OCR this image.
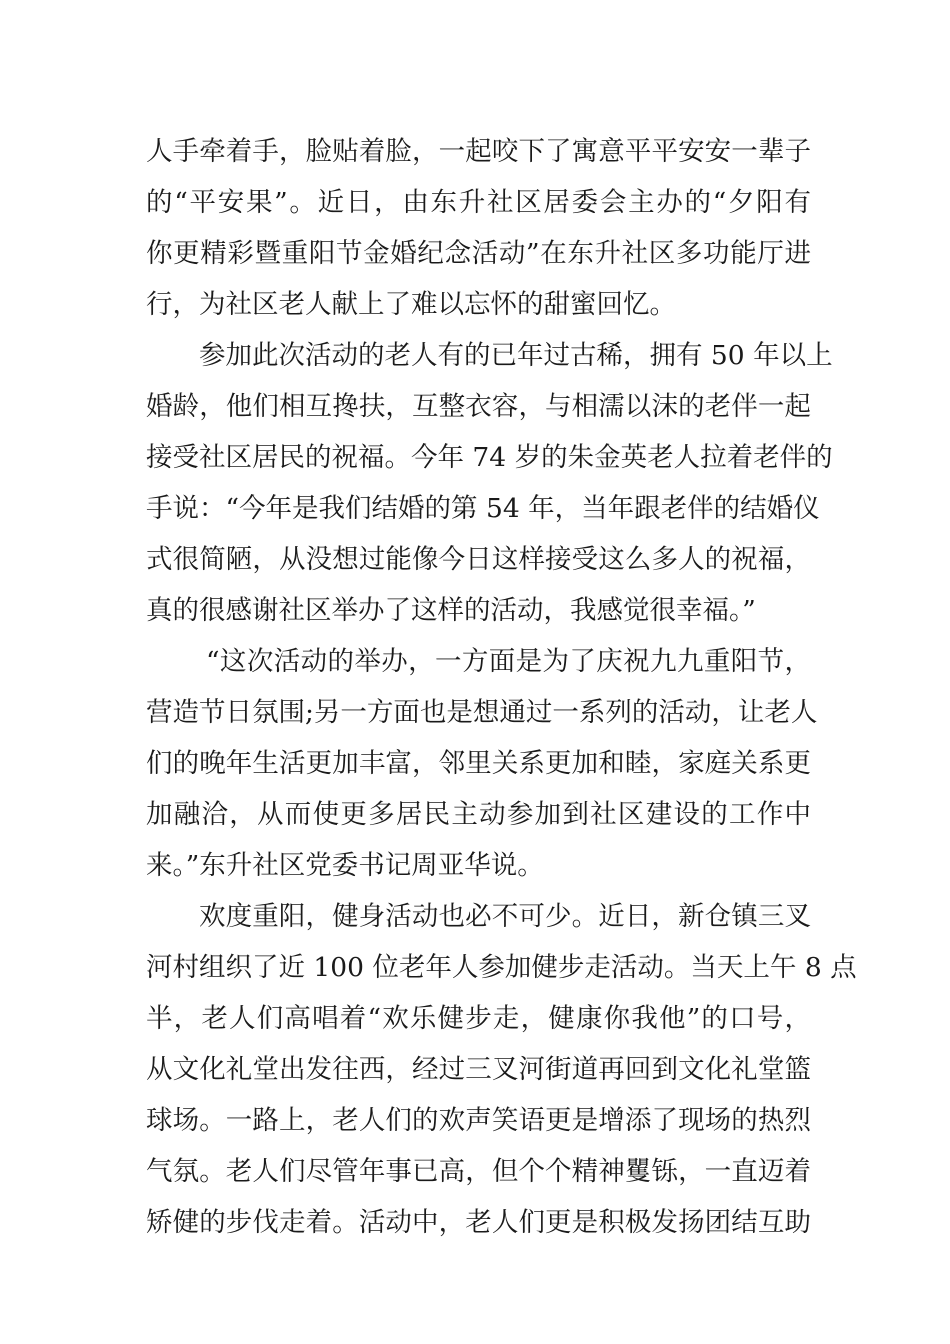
人手牵着手，脸贴着脸，一起咬下了寓意平平安安一辈子
的“平安果”。近日，由东升社区居委会主办的“夕阳有
你更精彩暨重阳节金婚纪念活动”在东升社区多功能厅进
行，为社区老人献上了难以忘怀的甜蜜回忆。
参加此次活动的老人有的已年过古稀，拥有 50 年以上
婚龄，他们相互搀扶，互整衣容，与相濡以沫的老伴一起
接受社区居民的祝福。今年 74 岁的朱金英老人拉着老伴的
手说：“今年是我们结婚的第 54 年，当年跟老伴的结婚仪
式很简陋，从没想过能像今日这样接受这么多人的祝福，
真的很感谢社区举办了这样的活动，我感觉很幸福。”
“这次活动的举办，一方面是为了庆祝九九重阳节，
营造节日氛围;另一方面也是想通过一系列的活动，让老人
们的晚年生活更加丰富，邻里关系更加和睦，家庭关系更
加融洽，从而使更多居民主动参加到社区建设的工作中
来。”东升社区党委书记周亚华说。
欢度重阳，健身活动也必不可少。近日，新仓镇三叉
河村组织了近 100 位老年人参加健步走活动。当天上午 8 点
半，老人们高唱着“欢乐健步走，健康你我他”的口号，
从文化礼堂出发往西，经过三叉河街道再回到文化礼堂篮
球场。一路上，老人们的欢声笑语更是增添了现场的热烈
气氛。老人们尽管年事已高，但个个精神矍铄，一直迈着
矫健的步伐走着。活动中，老人们更是积极发扬团结互助
